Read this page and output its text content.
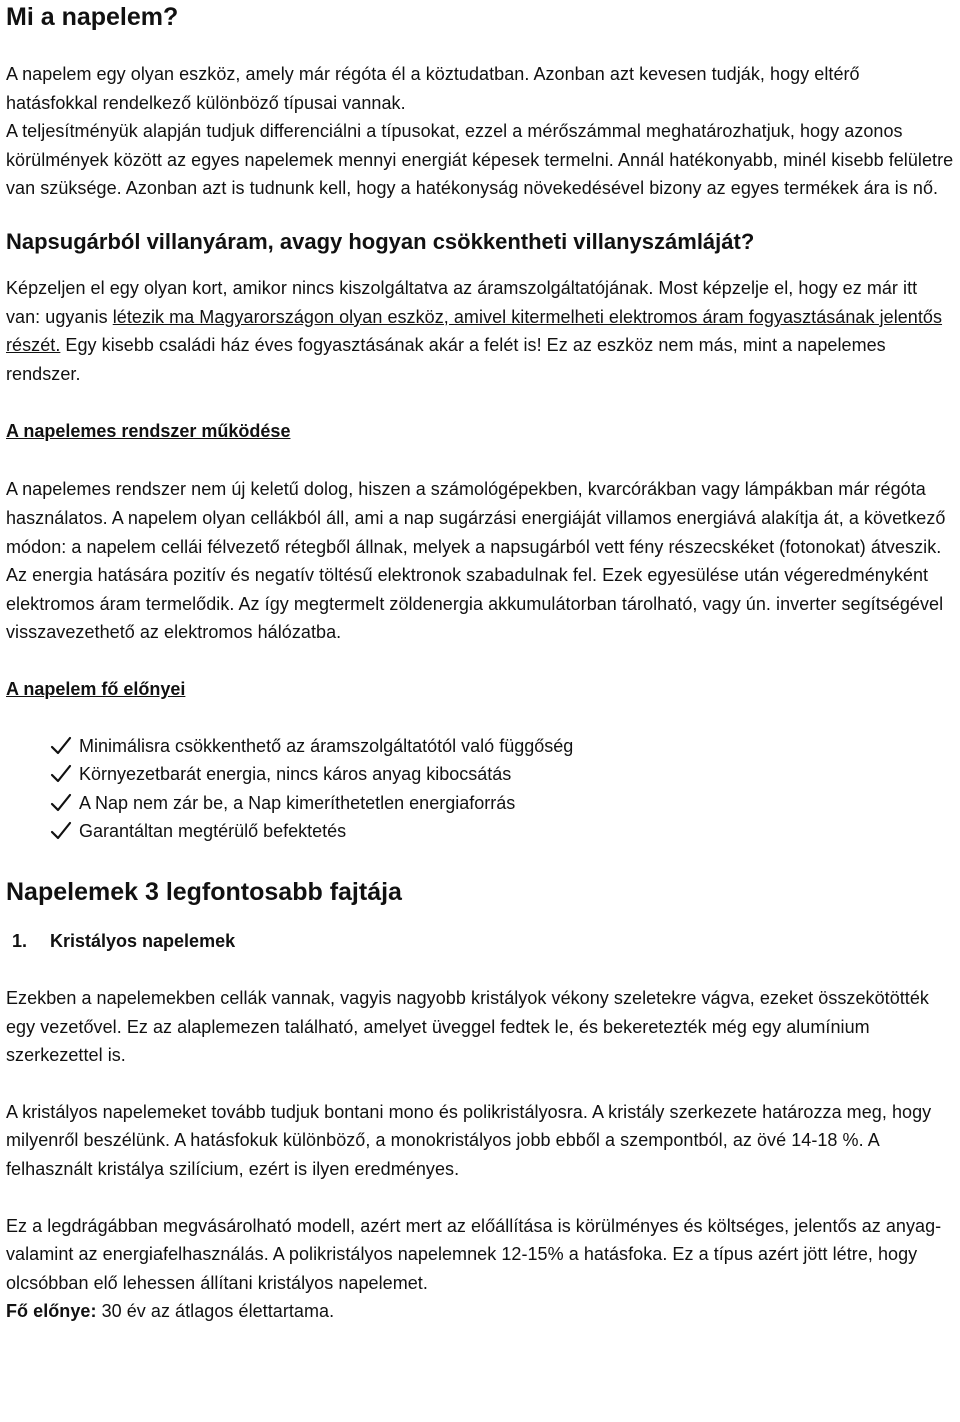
Mi a napelem?

A napelem egy olyan eszköz, amely már régóta él a köztudatban. Azonban azt kevesen tudják, hogy eltérő hatásfokkal rendelkező különböző típusai vannak.

A teljesítményük alapján tudjuk differenciálni a típusokat, ezzel a mérőszámmal meghatározhatjuk, hogy azonos körülmények között az egyes napelemek mennyi energiát képesek termelni. Annál hatékonyabb, minél kisebb felületre van szüksége. Azonban azt is tudnunk kell, hogy a hatékonyság növekedésével bizony az egyes termékek ára is nő.

Napsugárból villanyáram, avagy hogyan csökkentheti villanyszámláját?

Képzeljen el egy olyan kort, amikor nincs kiszolgáltatva az áramszolgáltatójának. Most képzelje el, hogy ez már itt van: ugyanis létezik ma Magyarországon olyan eszköz, amivel kitermelheti elektromos áram fogyasztásának jelentős részét. Egy kisebb családi ház éves fogyasztásának akár a felét is! Ez az eszköz nem más, mint a napelemes rendszer.

A napelemes rendszer működése

A napelemes rendszer nem új keletű dolog, hiszen a számológépekben, kvarcórákban vagy lámpákban már régóta használatos. A napelem olyan cellákból áll, ami a nap sugárzási energiáját villamos energiává alakítja át, a következő módon: a napelem cellái félvezető rétegből állnak, melyek a napsugárból vett fény részecskéket (fotonokat) átveszik. Az energia hatására pozitív és negatív töltésű elektronok szabadulnak fel. Ezek egyesülése után végeredményként elektromos áram termelődik. Az így megtermelt zöldenergia akkumulátorban tárolható, vagy ún. inverter segítségével visszavezethető az elektromos hálózatba.

A napelem fő előnyei
Minimálisra csökkenthető az áramszolgáltatótól való függőség
Környezetbarát energia, nincs káros anyag kibocsátás
A Nap nem zár be, a Nap kimeríthetetlen energiaforrás
Garantáltan megtérülő befektetés
Napelemek 3 legfontosabb fajtája

1. Kristályos napelemek

Ezekben a napelemekben cellák vannak, vagyis nagyobb kristályok vékony szeletekre vágva, ezeket összekötötték egy vezetővel. Ez az alaplemezen található, amelyet üveggel fedtek le, és bekeretezték még egy alumínium szerkezettel is.

A kristályos napelemeket tovább tudjuk bontani mono és polikristályosra. A kristály szerkezete határozza meg, hogy milyenről beszélünk. A hatásfokuk különböző, a monokristályos jobb ebből a szempontból, az övé 14-18 %. A felhasznált kristálya szilícium, ezért is ilyen eredményes.

Ez a legdrágábban megvásárolható modell, azért mert az előállítása is körülményes és költséges, jelentős az anyag- valamint az energiafelhasználás. A polikristályos napelemnek 12-15% a hatásfoka. Ez a típus azért jött létre, hogy olcsóbban elő lehessen állítani kristályos napelemet.

Fő előnye: 30 év az átlagos élettartama.
